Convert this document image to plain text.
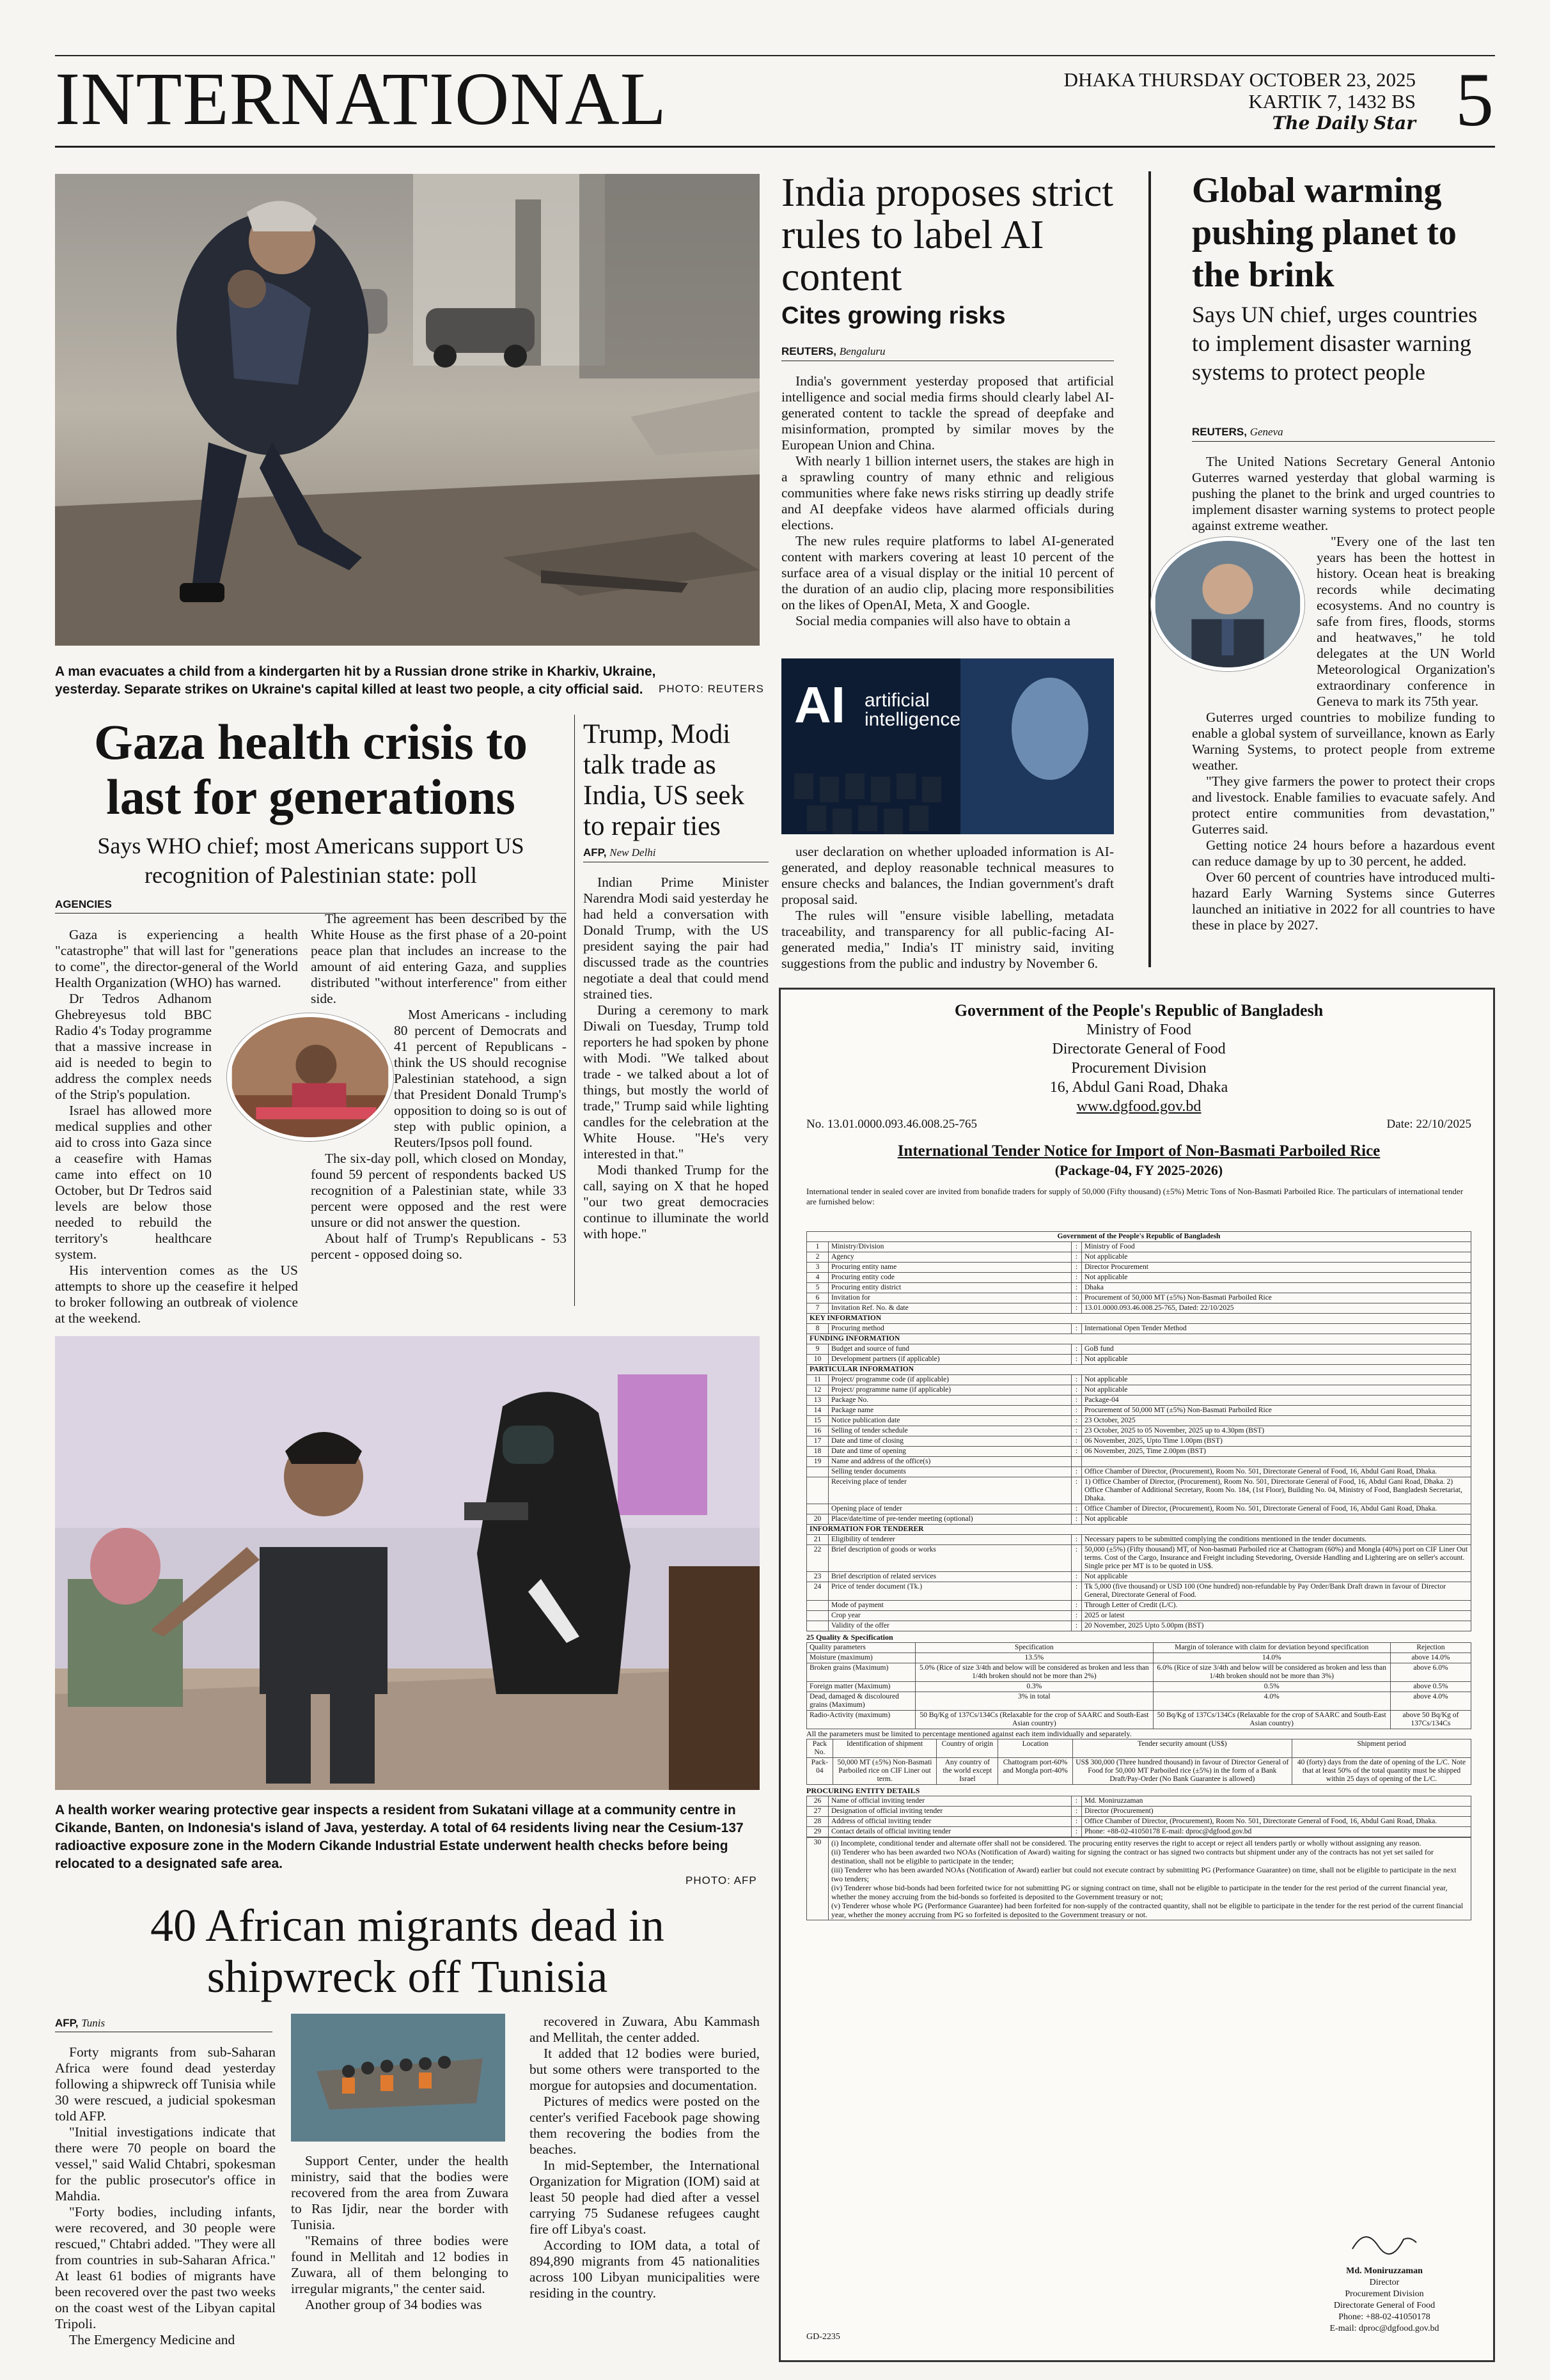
INTERNATIONAL	DHAKA THURSDAY OCTOBER 23, 2025
KARTIK 7, 1432 BS
The Daily Star 5
A man evacuates a child from a kindergarten hit by a Russian drone strike in Kharkiv, Ukraine, yesterday. Separate strikes on Ukraine's capital killed at least two people, a city official said.	PHOTO: REUTERS
Gaza health crisis to last for generations
Says WHO chief; most Americans support US recognition of Palestinian state: poll
AGENCIES

Gaza is experiencing a health "catastrophe" that will last for "generations to come", the director-general of the World Health Organization (WHO) has warned.

Dr Tedros Adhanom Ghebreyesus told BBC Radio 4's Today programme that a massive increase in aid is needed to begin to address the complex needs of the Strip's population.

Israel has allowed more medical supplies and other aid to cross into Gaza since a ceasefire with Hamas came into effect on 10 October, but Dr Tedros said levels are below those needed to rebuild the territory's healthcare system.

His intervention comes as the US attempts to shore up the ceasefire it helped to broker following an outbreak of violence at the weekend.

The agreement has been described by the White House as the first phase of a 20-point peace plan that includes an increase to the amount of aid entering Gaza, and supplies distributed "without interference" from either side.

Most Americans - including 80 percent of Democrats and 41 percent of Republicans - think the US should recognise Palestinian statehood, a sign that President Donald Trump's opposition to doing so is out of step with public opinion, a Reuters/Ipsos poll found.

The six-day poll, which closed on Monday, found 59 percent of respondents backed US recognition of a Palestinian state, while 33 percent were opposed and the rest were unsure or did not answer the question.

About half of Trump's Republicans - 53 percent - opposed doing so.

Trump, Modi talk trade as India, US seek to repair ties
AFP, New Delhi

Indian Prime Minister Narendra Modi said yesterday he had held a conversation with Donald Trump, with the US president saying the pair had discussed trade as the countries negotiate a deal that could mend strained ties.

During a ceremony to mark Diwali on Tuesday, Trump told reporters he had spoken by phone with Modi. "We talked about trade - we talked about a lot of things, but mostly the world of trade," Trump said while lighting candles for the celebration at the White House. "He's very interested in that."

Modi thanked Trump for the call, saying on X that he hoped "our two great democracies continue to illuminate the world with hope."

India proposes strict rules to label AI content
Cites growing risks
REUTERS, Bengaluru

India's government yesterday proposed that artificial intelligence and social media firms should clearly label AI-generated content to tackle the spread of deepfake and misinformation, prompted by similar moves by the European Union and China.

With nearly 1 billion internet users, the stakes are high in a sprawling country of many ethnic and religious communities where fake news risks stirring up deadly strife and AI deepfake videos have alarmed officials during elections.

The new rules require platforms to label AI-generated content with markers covering at least 10 percent of the surface area of a visual display or the initial 10 percent of the duration of an audio clip, placing more responsibilities on the likes of OpenAI, Meta, X and Google.

Social media companies will also have to obtain a

AI artificial
intelligence

user declaration on whether uploaded information is AI-generated, and deploy reasonable technical measures to ensure checks and balances, the Indian government's draft proposal said.

The rules will "ensure visible labelling, metadata traceability, and transparency for all public-facing AI-generated media," India's IT ministry said, inviting suggestions from the public and industry by November 6.

Global warming pushing planet to the brink
Says UN chief, urges countries to implement disaster warning systems to protect people
REUTERS, Geneva

The United Nations Secretary General Antonio Guterres warned yesterday that global warming is pushing the planet to the brink and urged countries to implement disaster warning systems to protect people against extreme weather.

"Every one of the last ten years has been the hottest in history. Ocean heat is breaking records while decimating ecosystems. And no country is safe from fires, floods, storms and heatwaves," he told delegates at the UN World Meteorological Organization's extraordinary conference in Geneva to mark its 75th year.

Guterres urged countries to mobilize funding to enable a global system of surveillance, known as Early Warning Systems, to protect people from extreme weather.

"They give farmers the power to protect their crops and livestock. Enable families to evacuate safely. And protect entire communities from devastation," Guterres said.

Getting notice 24 hours before a hazardous event can reduce damage by up to 30 percent, he added.

Over 60 percent of countries have introduced multi-hazard Early Warning Systems since Guterres launched an initiative in 2022 for all countries to have these in place by 2027.

A health worker wearing protective gear inspects a resident from Sukatani village at a community centre in Cikande, Banten, on Indonesia's island of Java, yesterday. A total of 64 residents living near the Cesium-137 radioactive exposure zone in the Modern Cikande Industrial Estate underwent health checks before being relocated to a designated safe area.
PHOTO: AFP
40 African migrants dead in shipwreck off Tunisia
AFP, Tunis

Forty migrants from sub-Saharan Africa were found dead yesterday following a shipwreck off Tunisia while 30 were rescued, a judicial spokesman told AFP.

"Initial investigations indicate that there were 70 people on board the vessel," said Walid Chtabri, spokesman for the public prosecutor's office in Mahdia.

"Forty bodies, including infants, were recovered, and 30 people were rescued," Chtabri added. "They were all from countries in sub-Saharan Africa." At least 61 bodies of migrants have been recovered over the past two weeks on the coast west of the Libyan capital Tripoli.

The Emergency Medicine and

Support Center, under the health ministry, said that the bodies were recovered from the area from Zuwara to Ras Ijdir, near the border with Tunisia.

"Remains of three bodies were found in Mellitah and 12 bodies in Zuwara, all of them belonging to irregular migrants," the center said.

Another group of 34 bodies was

recovered in Zuwara, Abu Kammash and Mellitah, the center added.

It added that 12 bodies were buried, but some others were transported to the morgue for autopsies and documentation.

Pictures of medics were posted on the center's verified Facebook page showing them recovering the bodies from the beaches.

In mid-September, the International Organization for Migration (IOM) said at least 50 people had died after a vessel carrying 75 Sudanese refugees caught fire off Libya's coast.

According to IOM data, a total of 894,890 migrants from 45 nationalities across 100 Libyan municipalities were residing in the country.

Government of the People's Republic of Bangladesh
Ministry of Food
Directorate General of Food
Procurement Division
16, Abdul Gani Road, Dhaka
www.dgfood.gov.bd
No. 13.01.0000.093.46.008.25-765	Date: 22/10/2025
International Tender Notice for Import of Non-Basmati Parboiled Rice
(Package-04, FY 2025-2026)
International tender in sealed cover are invited from bonafide traders for supply of 50,000 (Fifty thousand) (±5%) Metric Tons of Non-Basmati Parboiled Rice. The particulars of international tender are furnished below:
Government of the People's Republic of Bangladesh			
1	Ministry/Division	:	Ministry of Food
2	Agency	:	Not applicable
3	Procuring entity name	:	Director Procurement
4	Procuring entity code	:	Not applicable
5	Procuring entity district	:	Dhaka
6	Invitation for	:	Procurement of 50,000 MT (±5%) Non-Basmati Parboiled Rice
7	Invitation Ref. No. & date	:	13.01.0000.093.46.008.25-765, Dated: 22/10/2025
KEY INFORMATION			
8	Procuring method	:	International Open Tender Method
FUNDING INFORMATION			
9	Budget and source of fund	:	GoB fund
10	Development partners (if applicable)	:	Not applicable
PARTICULAR INFORMATION			
11	Project/ programme code (if applicable)	:	Not applicable
12	Project/ programme name (if applicable)	:	Not applicable
13	Package No.	:	Package-04
14	Package name	:	Procurement of 50,000 MT (±5%) Non-Basmati Parboiled Rice
15	Notice publication date	:	23 October, 2025
16	Selling of tender schedule	:	23 October, 2025 to 05 November, 2025 up to 4.30pm (BST)
17	Date and time of closing	:	06 November, 2025, Upto Time 1.00pm (BST)
18	Date and time of opening	:	06 November, 2025, Time 2.00pm (BST)
19	Name and address of the office(s)		
	Selling tender documents	:	Office Chamber of Director, (Procurement), Room No. 501, Directorate General of Food, 16, Abdul Gani Road, Dhaka.
	Receiving place of tender	:	1) Office Chamber of Director, (Procurement), Room No. 501, Directorate General of Food, 16, Abdul Gani Road, Dhaka. 2) Office Chamber of Additional Secretary, Room No. 184, (1st Floor), Building No. 04, Ministry of Food, Bangladesh Secretariat, Dhaka.
	Opening place of tender	:	Office Chamber of Director, (Procurement), Room No. 501, Directorate General of Food, 16, Abdul Gani Road, Dhaka.
20	Place/date/time of pre-tender meeting (optional)	:	Not applicable
INFORMATION FOR TENDERER			
21	Eligibility of tenderer	:	Necessary papers to be submitted complying the conditions mentioned in the tender documents.
22	Brief description of goods or works	:	50,000 (±5%) (Fifty thousand) MT, of Non-basmati Parboiled rice at Chattogram (60%) and Mongla (40%) port on CIF Liner Out terms. Cost of the Cargo, Insurance and Freight including Stevedoring, Overside Handling and Lightering are on seller's account. Single price per MT is to be quoted in US$.
23	Brief description of related services	:	Not applicable
24	Price of tender document (Tk.)	:	Tk 5,000 (five thousand) or USD 100 (One hundred) non-refundable by Pay Order/Bank Draft drawn in favour of Director General, Directorate General of Food.
	Mode of payment	:	Through Letter of Credit (L/C).
	Crop year	:	2025 or latest
	Validity of the offer	:	20 November, 2025 Upto 5.00pm (BST)
25 Quality & Specification
Quality parameters	Specification	Margin of tolerance with claim for deviation beyond specification	Rejection
Moisture (maximum)	13.5%	14.0%	above 14.0%
Broken grains (Maximum)	5.0% (Rice of size 3/4th and below will be considered as broken and less than 1/4th broken should not be more than 2%)	6.0% (Rice of size 3/4th and below will be considered as broken and less than 1/4th broken should not be more than 3%)	above 6.0%
Foreign matter (Maximum)	0.3%	0.5%	above 0.5%
Dead, damaged & discoloured grains (Maximum)	3% in total	4.0%	above 4.0%
Radio-Activity (maximum)	50 Bq/Kg of 137Cs/134Cs (Relaxable for the crop of SAARC and South-East Asian country)	50 Bq/Kg of 137Cs/134Cs (Relaxable for the crop of SAARC and South-East Asian country)	above 50 Bq/Kg of 137Cs/134Cs
All the parameters must be limited to percentage mentioned against each item individually and separately.
Pack No.	Identification of shipment	Country of origin	Location	Tender security amount (US$)	Shipment period
Pack-04	50,000 MT (±5%) Non-Basmati Parboiled rice on CIF Liner out term.	Any country of the world except Israel	Chattogram port-60% and Mongla port-40%	US$ 300,000 (Three hundred thousand) in favour of Director General of Food for 50,000 MT Parboiled rice (±5%) in the form of a Bank Draft/Pay-Order (No Bank Guarantee is allowed)	40 (forty) days from the date of opening of the L/C. Note that at least 50% of the total quantity must be shipped within 25 days of opening of the L/C.
PROCURING ENTITY DETAILS
26	Name of official inviting tender	:	Md. Moniruzzaman
27	Designation of official inviting tender	:	Director (Procurement)
28	Address of official inviting tender	:	Office Chamber of Director, (Procurement), Room No. 501, Directorate General of Food, 16, Abdul Gani Road, Dhaka.
29	Contact details of official inviting tender	:	Phone: +88-02-41050178 E-mail: dproc@dgfood.gov.bd
30	(i) Incomplete, conditional tender and alternate offer shall not be considered. The procuring entity reserves the right to accept or reject all tenders partly or wholly without assigning any reason.
(ii) Tenderer who has been awarded two NOAs (Notification of Award) waiting for signing the contract or has signed two contracts but shipment under any of the contracts has not yet set sailed for destination, shall not be eligible to participate in the tender;
(iii) Tenderer who has been awarded NOAs (Notification of Award) earlier but could not execute contract by submitting PG (Performance Guarantee) on time, shall not be eligible to participate in the next two tenders;
(iv) Tenderer whose bid-bonds had been forfeited twice for not submitting PG or signing contract on time, shall not be eligible to participate in the tender for the rest period of the current financial year, whether the money accruing from the bid-bonds so forfeited is deposited to the Government treasury or not;
(v) Tenderer whose whole PG (Performance Guarantee) had been forfeited for non-supply of the contracted quantity, shall not be eligible to participate in the tender for the rest period of the current financial year, whether the money accruing from PG so forfeited is deposited to the Government treasury or not.
Md. Moniruzzaman
Director
Procurement Division
Directorate General of Food
Phone: +88-02-41050178
E-mail: dproc@dgfood.gov.bd
GD-2235
